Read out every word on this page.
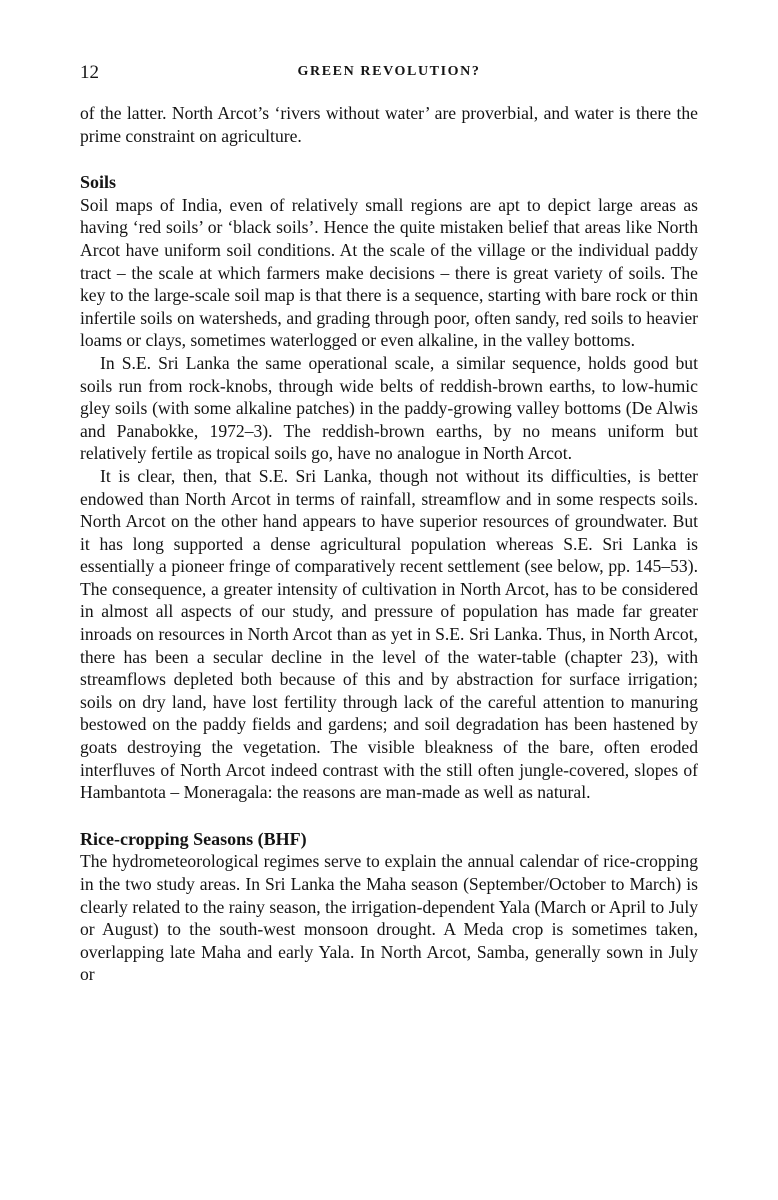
12	GREEN REVOLUTION?

of the latter. North Arcot’s ‘rivers without water’ are proverbial, and water is there the prime constraint on agriculture.

Soils

Soil maps of India, even of relatively small regions are apt to depict large areas as having ‘red soils’ or ‘black soils’. Hence the quite mistaken belief that areas like North Arcot have uniform soil conditions. At the scale of the village or the individual paddy tract – the scale at which farmers make decisions – there is great variety of soils. The key to the large-scale soil map is that there is a sequence, starting with bare rock or thin infertile soils on watersheds, and grading through poor, often sandy, red soils to heavier loams or clays, sometimes waterlogged or even alkaline, in the valley bottoms.

In S.E. Sri Lanka the same operational scale, a similar sequence, holds good but soils run from rock-knobs, through wide belts of reddish-brown earths, to low-humic gley soils (with some alkaline patches) in the paddy-growing valley bottoms (De Alwis and Panabokke, 1972–3). The reddish-brown earths, by no means uniform but relatively fertile as tropical soils go, have no analogue in North Arcot.

It is clear, then, that S.E. Sri Lanka, though not without its difficulties, is better endowed than North Arcot in terms of rainfall, streamflow and in some respects soils. North Arcot on the other hand appears to have superior resources of groundwater. But it has long supported a dense agricultural population whereas S.E. Sri Lanka is essentially a pioneer fringe of comparatively recent settlement (see below, pp. 145–53). The consequence, a greater intensity of cultivation in North Arcot, has to be considered in almost all aspects of our study, and pressure of population has made far greater inroads on resources in North Arcot than as yet in S.E. Sri Lanka. Thus, in North Arcot, there has been a secular decline in the level of the water-table (chapter 23), with streamflows depleted both because of this and by abstraction for surface irrigation; soils on dry land, have lost fertility through lack of the careful attention to manuring bestowed on the paddy fields and gardens; and soil degradation has been hastened by goats destroying the vegetation. The visible bleakness of the bare, often eroded interfluves of North Arcot indeed contrast with the still often jungle-covered, slopes of Hambantota – Moneragala: the reasons are man-made as well as natural.

Rice-cropping Seasons (BHF)

The hydrometeorological regimes serve to explain the annual calendar of rice-cropping in the two study areas. In Sri Lanka the Maha season (September/October to March) is clearly related to the rainy season, the irrigation-dependent Yala (March or April to July or August) to the south-west monsoon drought. A Meda crop is sometimes taken, overlapping late Maha and early Yala. In North Arcot, Samba, generally sown in July or
